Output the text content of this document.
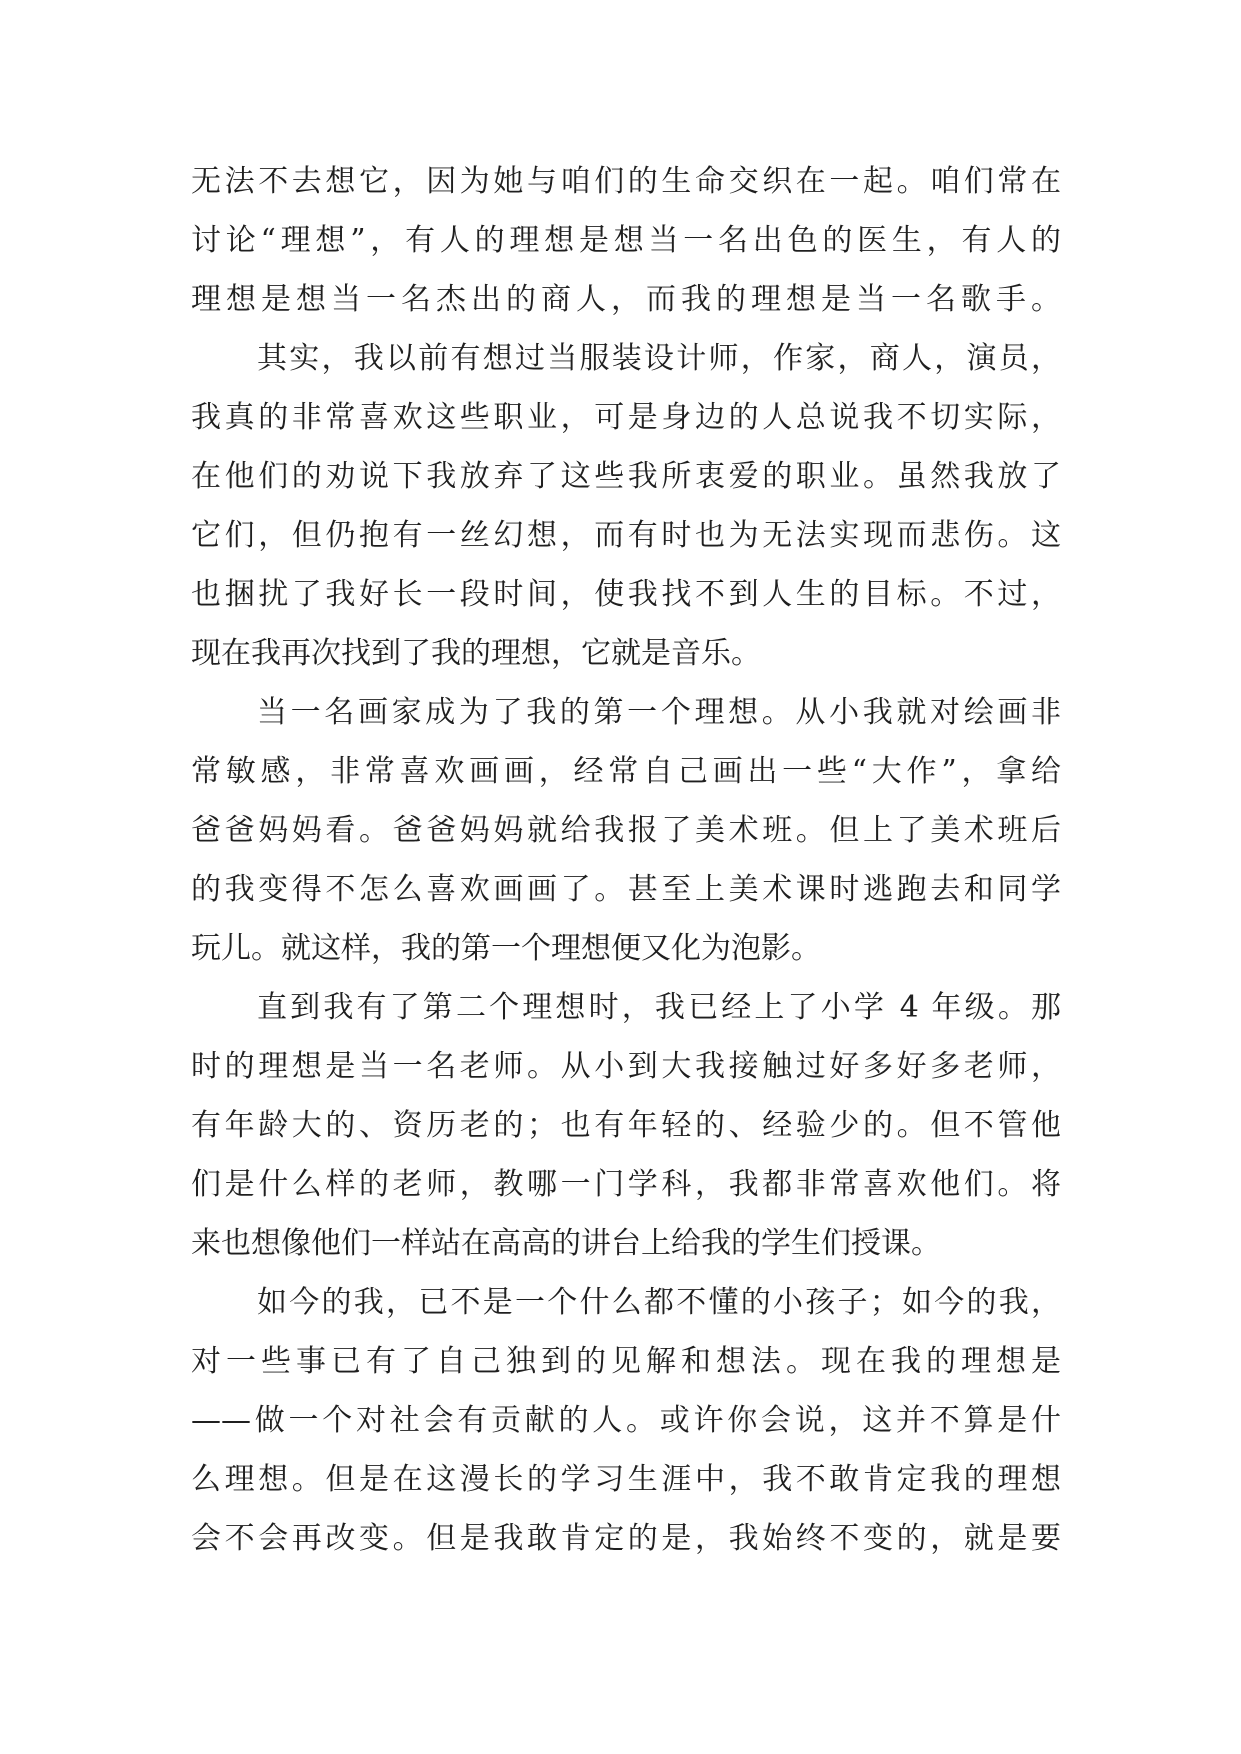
无法不去想它，因为她与咱们的生命交织在一起。咱们常在
讨论“理想”，有人的理想是想当一名出色的医生，有人的
理想是想当一名杰出的商人，而我的理想是当一名歌手。
其实，我以前有想过当服装设计师，作家，商人，演员，
我真的非常喜欢这些职业，可是身边的人总说我不切实际，
在他们的劝说下我放弃了这些我所衷爱的职业。虽然我放了
它们，但仍抱有一丝幻想，而有时也为无法实现而悲伤。这
也捆扰了我好长一段时间，使我找不到人生的目标。不过，
现在我再次找到了我的理想，它就是音乐。
当一名画家成为了我的第一个理想。从小我就对绘画非
常敏感，非常喜欢画画，经常自己画出一些“大作”，拿给
爸爸妈妈看。爸爸妈妈就给我报了美术班。但上了美术班后
的我变得不怎么喜欢画画了。甚至上美术课时逃跑去和同学
玩儿。就这样，我的第一个理想便又化为泡影。
直到我有了第二个理想时，我已经上了小学 4 年级。那
时的理想是当一名老师。从小到大我接触过好多好多老师，
有年龄大的、资历老的；也有年轻的、经验少的。但不管他
们是什么样的老师，教哪一门学科，我都非常喜欢他们。将
来也想像他们一样站在高高的讲台上给我的学生们授课。
如今的我，已不是一个什么都不懂的小孩子；如今的我，
对一些事已有了自己独到的见解和想法。现在我的理想是
——做一个对社会有贡献的人。或许你会说，这并不算是什
么理想。但是在这漫长的学习生涯中，我不敢肯定我的理想
会不会再改变。但是我敢肯定的是，我始终不变的，就是要
